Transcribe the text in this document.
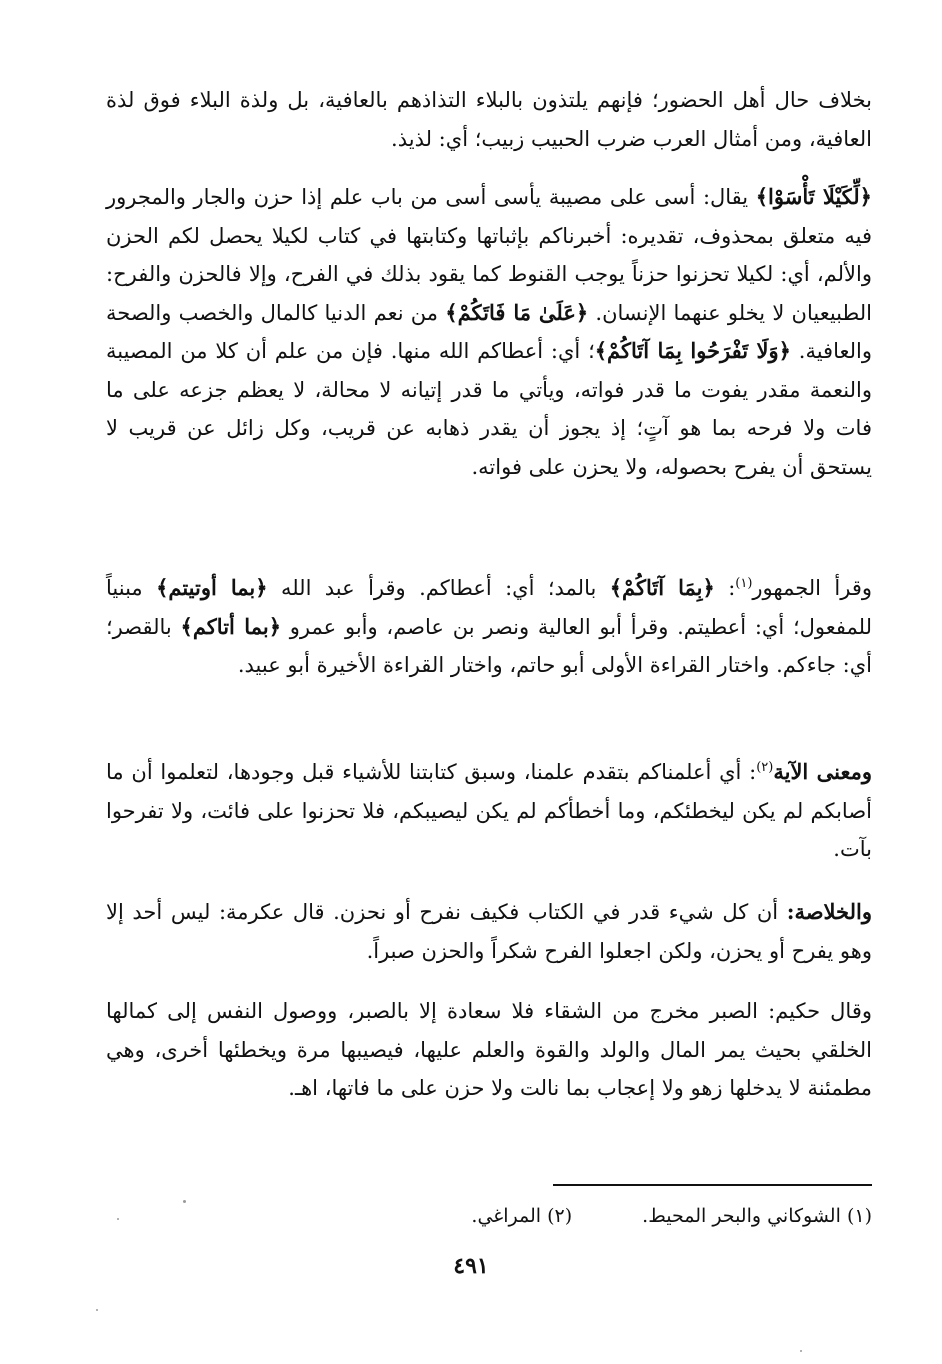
بخلاف حال أهل الحضور؛ فإنهم يلتذون بالبلاء التذاذهم بالعافية، بل ولذة البلاء فوق لذة العافية، ومن أمثال العرب ضرب الحبيب زبيب؛ أي: لذيذ.

﴿لِّكَيْلَا تَأْسَوْا﴾ يقال: أسى على مصيبة يأسى أسى من باب علم إذا حزن والجار والمجرور فيه متعلق بمحذوف، تقديره: أخبرناكم بإثباتها وكتابتها في كتاب لكيلا يحصل لكم الحزن والألم، أي: لكيلا تحزنوا حزناً يوجب القنوط كما يقود بذلك في الفرح، وإلا فالحزن والفرح: الطبيعيان لا يخلو عنهما الإنسان. ﴿عَلَىٰ مَا فَاتَكُمْ﴾ من نعم الدنيا كالمال والخصب والصحة والعافية. ﴿وَلَا تَفْرَحُوا بِمَا آتَاكُمْ﴾؛ أي: أعطاكم الله منها. فإن من علم أن كلا من المصيبة والنعمة مقدر يفوت ما قدر فواته، ويأتي ما قدر إتيانه لا محالة، لا يعظم جزعه على ما فات ولا فرحه بما هو آتٍ؛ إذ يجوز أن يقدر ذهابه عن قريب، وكل زائل عن قريب لا يستحق أن يفرح بحصوله، ولا يحزن على فواته.

وقرأ الجمهور$^{(١)}$: ﴿بِمَا آتَاكُمْ﴾ بالمد؛ أي: أعطاكم. وقرأ عبد الله ﴿بما أوتيتم﴾ مبنياً للمفعول؛ أي: أعطيتم. وقرأ أبو العالية ونصر بن عاصم، وأبو عمرو ﴿بما أتاكم﴾ بالقصر؛ أي: جاءكم. واختار القراءة الأولى أبو حاتم، واختار القراءة الأخيرة أبو عبيد.

ومعنى الآية$^{(٢)}$: أي أعلمناكم بتقدم علمنا، وسبق كتابتنا للأشياء قبل وجودها، لتعلموا أن ما أصابكم لم يكن ليخطئكم، وما أخطأكم لم يكن ليصيبكم، فلا تحزنوا على فائت، ولا تفرحوا بآت.

والخلاصة: أن كل شيء قدر في الكتاب فكيف نفرح أو نحزن. قال عكرمة: ليس أحد إلا وهو يفرح أو يحزن، ولكن اجعلوا الفرح شكراً والحزن صبراً.

وقال حكيم: الصبر مخرج من الشقاء فلا سعادة إلا بالصبر، ووصول النفس إلى كمالها الخلقي بحيث يمر المال والولد والقوة والعلم عليها، فيصيبها مرة ويخطئها أخرى، وهي مطمئنة لا يدخلها زهو ولا إعجاب بما نالت ولا حزن على ما فاتها، اهـ.

(١) الشوكاني والبحر المحيط.(٢) المراغي.
٤٩١
